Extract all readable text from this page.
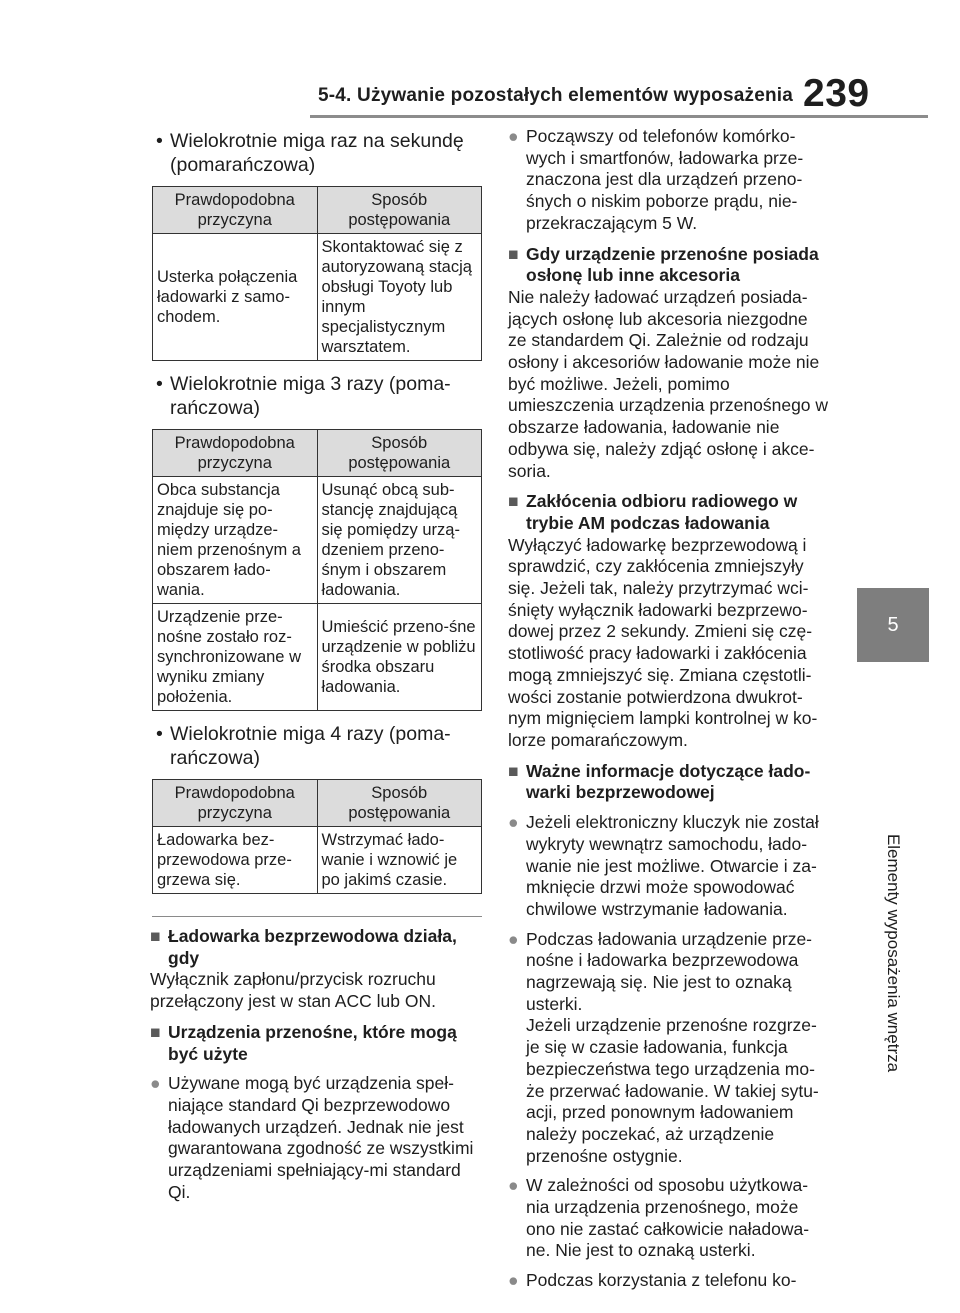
5-4. Używanie pozostałych elementów wyposażenia 239
5
Elementy wyposażenia wnętrza
• Wielokrotnie miga raz na sekundę (pomarańczowa)
Prawdopodobna przyczyna	Sposób postępowania
Usterka połączenia ładowarki z samo-chodem.	Skontaktować się z autoryzowaną stacją obsługi Toyoty lub innym specjalistycznym warsztatem.
• Wielokrotnie miga 3 razy (poma-rańczowa)
Prawdopodobna przyczyna	Sposób postępowania
Obca substancja znajduje się po-między urządze-niem przenośnym a obszarem łado-wania.	Usunąć obcą sub-stancję znajdującą się pomiędzy urzą-dzeniem przeno-śnym i obszarem ładowania.
Urządzenie prze-nośne zostało roz-synchronizowane w wyniku zmiany położenia.	Umieścić przeno-śne urządzenie w pobliżu środka obszaru ładowania.
• Wielokrotnie miga 4 razy (poma-rańczowa)
Prawdopodobna przyczyna	Sposób postępowania
Ładowarka bez-przewodowa prze-grzewa się.	Wstrzymać łado-wanie i wznowić je po jakimś czasie.
■ Ładowarka bezprzewodowa działa, gdy

Wyłącznik zapłonu/przycisk rozruchu przełączony jest w stan ACC lub ON.

■ Urządzenia przenośne, które mogą być użyte
● Używane mogą być urządzenia speł-niające standard Qi bezprzewodowo ładowanych urządzeń. Jednak nie jest gwarantowana zgodność ze wszystkimi urządzeniami spełniający-mi standard Qi.
● Począwszy od telefonów komórko-wych i smartfonów, ładowarka prze-znaczona jest dla urządzeń przeno-śnych o niskim poborze prądu, nie-przekraczającym 5 W.
■ Gdy urządzenie przenośne posiada osłonę lub inne akcesoria

Nie należy ładować urządzeń posiada-jących osłonę lub akcesoria niezgodne ze standardem Qi. Zależnie od rodzaju osłony i akcesoriów ładowanie może nie być możliwe. Jeżeli, pomimo umieszczenia urządzenia przenośnego w obszarze ładowania, ładowanie nie odbywa się, należy zdjąć osłonę i akce-soria.

■ Zakłócenia odbioru radiowego w trybie AM podczas ładowania

Wyłączyć ładowarkę bezprzewodową i sprawdzić, czy zakłócenia zmniejszyły się. Jeżeli tak, należy przytrzymać wci-śnięty wyłącznik ładowarki bezprzewo-dowej przez 2 sekundy. Zmieni się czę-stotliwość pracy ładowarki i zakłócenia mogą zmniejszyć się. Zmiana częstotli-wości zostanie potwierdzona dwukrot-nym mignięciem lampki kontrolnej w ko-lorze pomarańczowym.

■ Ważne informacje dotyczące łado-warki bezprzewodowej
● Jeżeli elektroniczny kluczyk nie został wykryty wewnątrz samochodu, łado-wanie nie jest możliwe. Otwarcie i za-mknięcie drzwi może spowodować chwilowe wstrzymanie ładowania.
● Podczas ładowania urządzenie prze-nośne i ładowarka bezprzewodowa nagrzewają się. Nie jest to oznaką usterki.
Jeżeli urządzenie przenośne rozgrze-je się w czasie ładowania, funkcja bezpieczeństwa tego urządzenia mo-że przerwać ładowanie. W takiej sytu-acji, przed ponownym ładowaniem należy poczekać, aż urządzenie przenośne ostygnie.
● W zależności od sposobu użytkowa-nia urządzenia przenośnego, może ono nie zastać całkowicie naładowa-ne. Nie jest to oznaką usterki.
● Podczas korzystania z telefonu ko-
